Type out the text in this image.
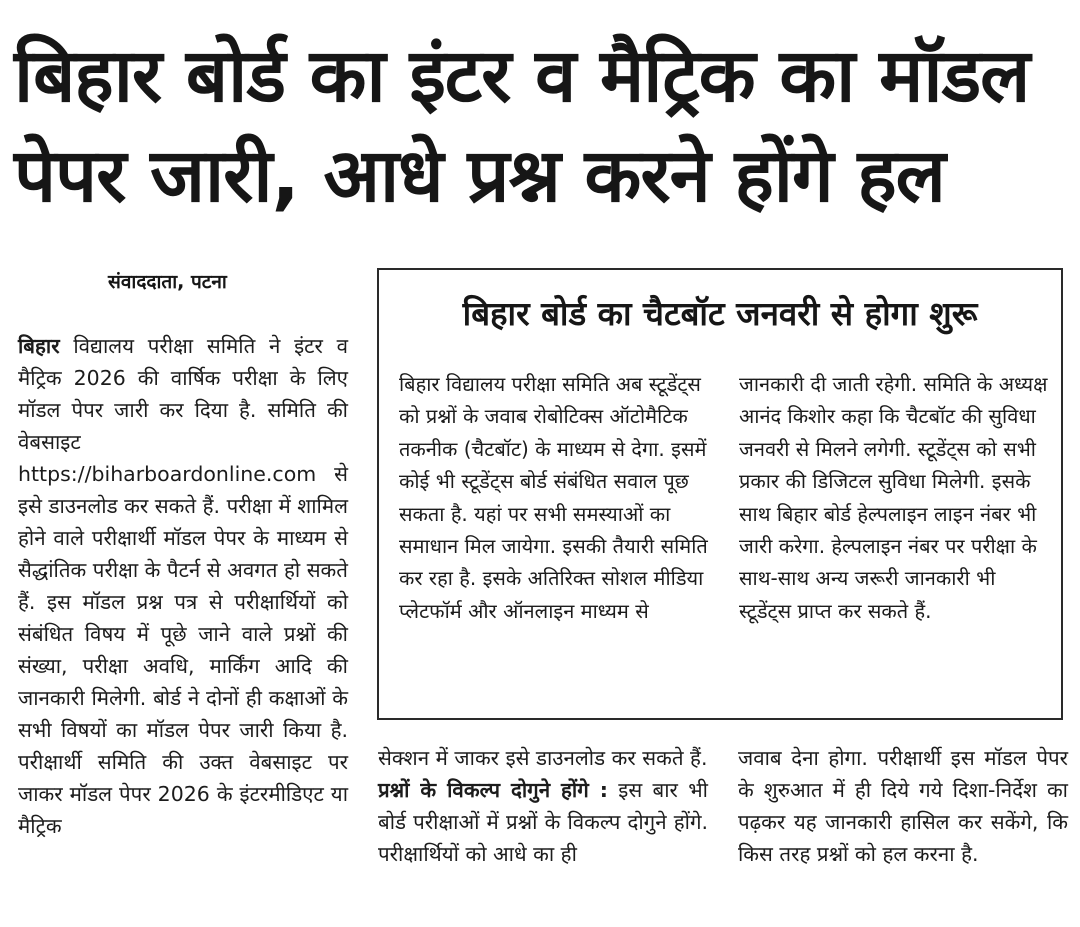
बिहार बोर्ड का इंटर व मैट्रिक का मॉडल पेपर जारी, आधे प्रश्न करने होंगे हल
संवाददाता, पटना
बिहार विद्यालय परीक्षा समिति ने इंटर व मैट्रिक 2026 की वार्षिक परीक्षा के लिए मॉडल पेपर जारी कर दिया है. समिति की वेबसाइट https://biharboardonline.com से इसे डाउनलोड कर सकते हैं. परीक्षा में शामिल होने वाले परीक्षार्थी मॉडल पेपर के माध्यम से सैद्धांतिक परीक्षा के पैटर्न से अवगत हो सकते हैं. इस मॉडल प्रश्न पत्र से परीक्षार्थियों को संबंधित विषय में पूछे जाने वाले प्रश्नों की संख्या, परीक्षा अवधि, मार्किंग आदि की जानकारी मिलेगी. बोर्ड ने दोनों ही कक्षाओं के सभी विषयों का मॉडल पेपर जारी किया है. परीक्षार्थी समिति की उक्त वेबसाइट पर जाकर मॉडल पेपर 2026 के इंटरमीडिएट या मैट्रिक
बिहार बोर्ड का चैटबॉट जनवरी से होगा शुरू
बिहार विद्यालय परीक्षा समिति अब स्टूडेंट्स को प्रश्नों के जवाब रोबोटिक्स ऑटोमैटिक तकनीक (चैटबॉट) के माध्यम से देगा. इसमें कोई भी स्टूडेंट्स बोर्ड संबंधित सवाल पूछ सकता है. यहां पर सभी समस्याओं का समाधान मिल जायेगा. इसकी तैयारी समिति कर रहा है. इसके अतिरिक्त सोशल मीडिया प्लेटफॉर्म और ऑनलाइन माध्यम से
जानकारी दी जाती रहेगी. समिति के अध्यक्ष आनंद किशोर कहा कि चैटबॉट की सुविधा जनवरी से मिलने लगेगी. स्टूडेंट्स को सभी प्रकार की डिजिटल सुविधा मिलेगी. इसके साथ बिहार बोर्ड हेल्पलाइन लाइन नंबर भी जारी करेगा. हेल्पलाइन नंबर पर परीक्षा के साथ-साथ अन्य जरूरी जानकारी भी स्टूडेंट्स प्राप्त कर सकते हैं.
सेक्शन में जाकर इसे डाउनलोड कर सकते हैं.
प्रश्नों के विकल्प दोगुने होंगे : इस बार भी बोर्ड परीक्षाओं में प्रश्नों के विकल्प दोगुने होंगे. परीक्षार्थियों को आधे का ही
जवाब देना होगा. परीक्षार्थी इस मॉडल पेपर के शुरुआत में ही दिये गये दिशा-निर्देश का पढ़कर यह जानकारी हासिल कर सकेंगे, कि किस तरह प्रश्नों को हल करना है.
